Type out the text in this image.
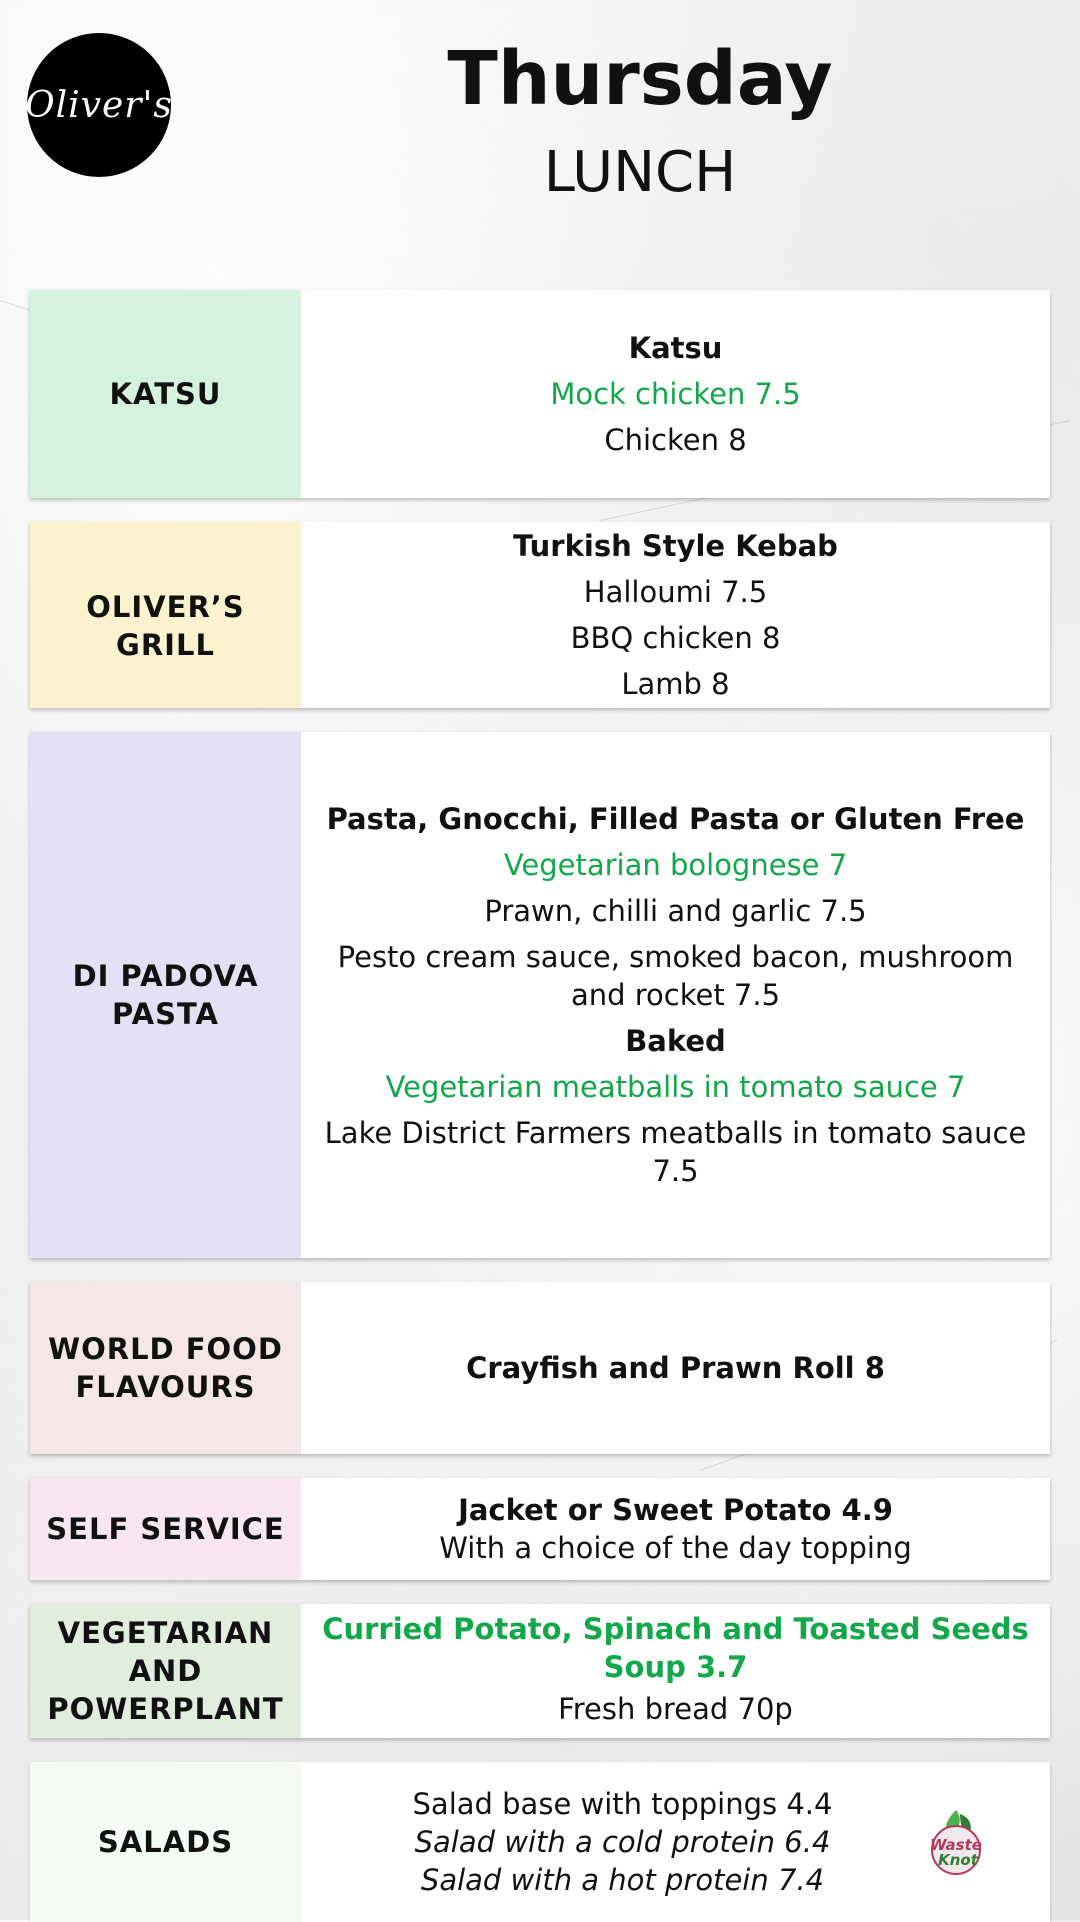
Oliver's	Thursday
LUNCH
KATSU
Katsu
Mock chicken 7.5
Chicken 8
OLIVER’S GRILL
Turkish Style Kebab
Halloumi 7.5
BBQ chicken 8
Lamb 8
DI PADOVA PASTA
Pasta, Gnocchi, Filled Pasta or Gluten Free
Vegetarian bolognese 7
Prawn, chilli and garlic 7.5
Pesto cream sauce, smoked bacon, mushroom and rocket 7.5
Baked
Vegetarian meatballs in tomato sauce 7
Lake District Farmers meatballs in tomato sauce 7.5
WORLD FOOD FLAVOURS
Crayfish and Prawn Roll 8
SELF SERVICE
Jacket or Sweet Potato 4.9
With a choice of the day topping
VEGETARIAN AND POWERPLANT
Curried Potato, Spinach and Toasted Seeds Soup 3.7
Fresh bread 70p
SALADS
Salad base with toppings 4.4
Salad with a cold protein 6.4
Salad with a hot protein 7.4
Waste
Knot
